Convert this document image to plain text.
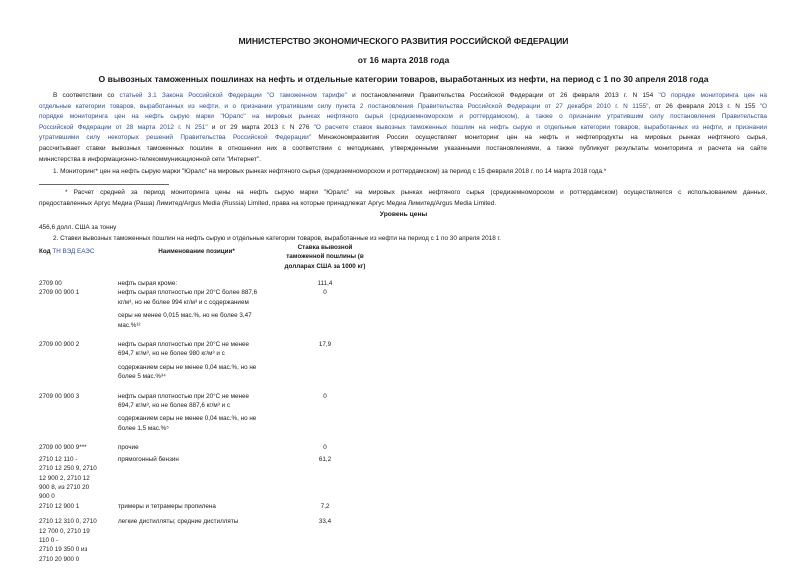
МИНИСТЕРСТВО ЭКОНОМИЧЕСКОГО РАЗВИТИЯ РОССИЙСКОЙ ФЕДЕРАЦИИ
от 16 марта 2018 года
О вывозных таможенных пошлинах на нефть и отдельные категории товаров, выработанных из нефти, на период с 1 по 30 апреля 2018 года
В соответствии со статьей 3.1 Закона Российской Федерации "О таможенном тарифе" и постановлениями Правительства Российской Федерации от 26 февраля 2013 г. N 154 "О порядке мониторинга цен на
отдельные категории товаров, выработанных из нефти, и о признании утратившим силу пункта 2 постановления Правительства Российской Федерации от 27 декабря 2010 г. N 1155", от 26 февраля 2013 г. N 155 "О
порядке мониторинга цен на нефть сырую марки "Юралс" на мировых рынках нефтяного сырья (средиземноморском и роттердамском), а также о признании утратившим силу постановления Правительства
Российской Федерации от 28 марта 2012 г. N 251" и от 29 марта 2013 г. N 276 "О расчете ставок вывозных таможенных пошлин на нефть сырую и отдельные категории товаров, выработанных из нефти, и признании
утратившими силу некоторых решений Правительства Российской Федерации" Минэкономразвития России осуществляет мониторинг цен на нефть и нефтепродукты на мировых рынках нефтяного сырья,
рассчитывает ставки вывозных таможенных пошлин в отношении них в соответствии с методиками, утвержденными указанными постановлениями, а также публикует результаты мониторинга и расчета на сайте
министерства в информационно-телекоммуникационной сети "Интернет".
1. Мониторинг* цен на нефть сырую марки "Юралс" на мировых рынках нефтяного сырья (средиземноморском и роттердамском) за период с 15 февраля 2018 г. по 14 марта 2018 года.*
* Расчет средней за период мониторинга цены на нефть сырую марки "Юралс" на мировых рынках нефтяного сырья (средиземноморском и роттердамском) осуществляется с использованием данных,
предоставленных Аргус Медиа (Раша) Лимитед/Argus Media (Russia) Limited, права на которые принадлежат Аргус Медиа Лимитед/Argus Media Limited.
Уровень цены
456,6 долл. США за тонну
2. Ставки вывозных таможенных пошлин на нефть сырую и отдельные категории товаров, выработанные из нефти на период с 1 по 30 апреля 2018 г.
Код ТН ВЭД ЕАЭС	Наименование позиции*	Ставка вывозной
таможенной пошлины (в
долларах США за 1000 кг)

2709 00	нефть сырая кроме:	111,4

2709 00 900 1	нефть сырая плотностью при 20°C более 887,6
кг/м³, но не более 994 кг/м³ и с содержанием
серы не менее 0,015 мас.%, но не более 3,47
мас.%¹²	0

2709 00 900 2	нефть сырая плотностью при 20°C не менее
694,7 кг/м³, но не более 980 кг/м³ и с
содержанием серы не менее 0,04 мас.%, но не
более 5 мас.%³⁴	17,9

2709 00 900 3	нефть сырая плотностью при 20°C не менее
694,7 кг/м³, но не более 887,6 кг/м³ и с
содержанием серы не менее 0,04 мас.%, но не
более 1,5 мас.%⁵	0

2709 00 900 9***	прочие	0

2710 12 110 -
2710 12 250 9, 2710
12 900 2, 2710 12
900 8, из 2710 20
900 0	прямогонный бензин	61,2

2710 12 900 1	тримеры и тетрамеры пропилена	7,2

2710 12 310 0, 2710
12 700 0, 2710 19
110 0 -
2710 19 350 0 из
2710 20 900 0	легкие дистилляты; средние дистилляты	33,4
